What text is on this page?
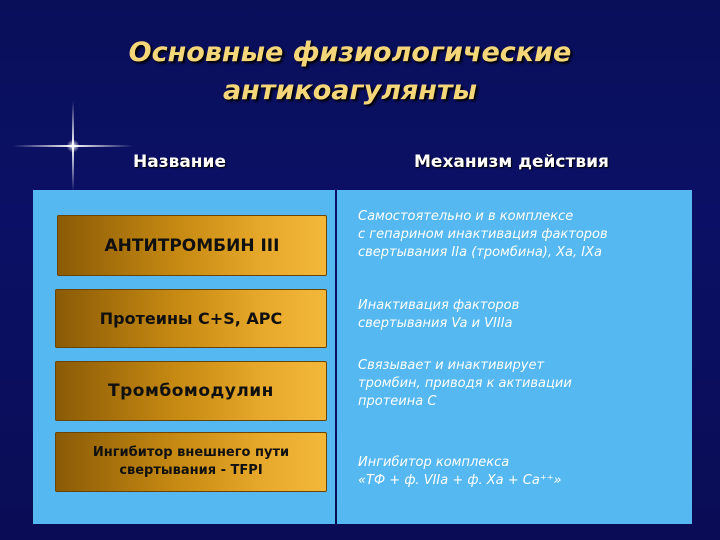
Основные физиологические
антикоагулянты
Название	Механизм действия
АНТИТРОМБИН III
Протеины C+S, APC
Тромбомодулин
Ингибитор внешнего пути
свертывания - TFPI
Самостоятельно и в комплексе
с гепарином инактивация факторов
свертывания IIa (тромбина), Xa, IXa
Инактивация факторов
свертывания Va и VIIIa
Связывает и инактивирует
тромбин, приводя к активации
протеина С
Ингибитор комплекса
«ТФ + ф. VIIa + ф. Xa + Ca⁺⁺»
